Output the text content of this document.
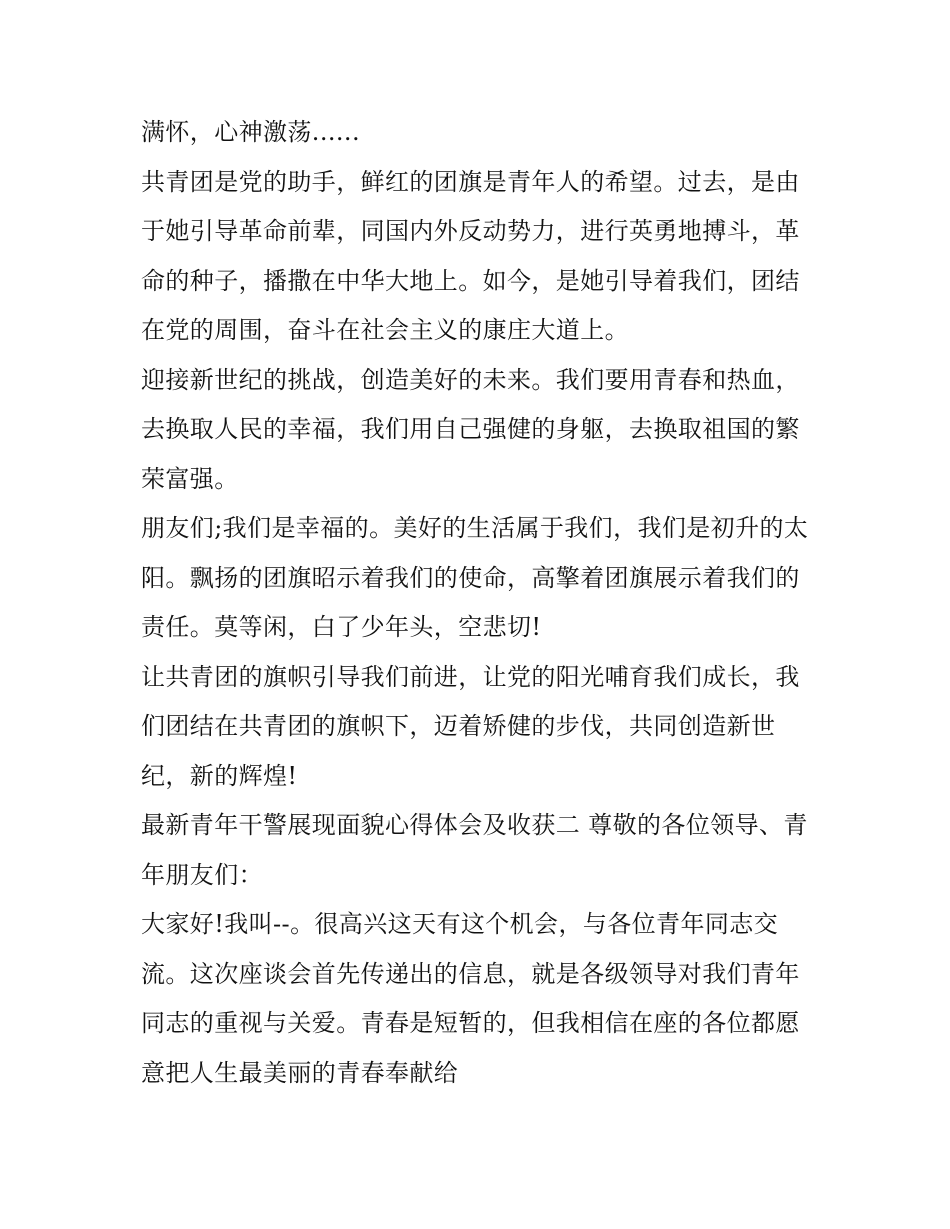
满怀，心神激荡......

共青团是党的助手，鲜红的团旗是青年人的希望。过去，是由于她引导革命前辈，同国内外反动势力，进行英勇地搏斗，革命的种子，播撒在中华大地上。如今，是她引导着我们，团结在党的周围，奋斗在社会主义的康庄大道上。

迎接新世纪的挑战，创造美好的未来。我们要用青春和热血，去换取人民的幸福，我们用自己强健的身躯，去换取祖国的繁荣富强。

朋友们;我们是幸福的。美好的生活属于我们，我们是初升的太阳。飘扬的团旗昭示着我们的使命，高擎着团旗展示着我们的责任。莫等闲，白了少年头，空悲切!

让共青团的旗帜引导我们前进，让党的阳光哺育我们成长，我们团结在共青团的旗帜下，迈着矫健的步伐，共同创造新世纪，新的辉煌!

最新青年干警展现面貌心得体会及收获二 尊敬的各位领导、青年朋友们：

大家好!我叫--。很高兴这天有这个机会，与各位青年同志交流。这次座谈会首先传递出的信息，就是各级领导对我们青年同志的重视与关爱。青春是短暂的，但我相信在座的各位都愿意把人生最美丽的青春奉献给
